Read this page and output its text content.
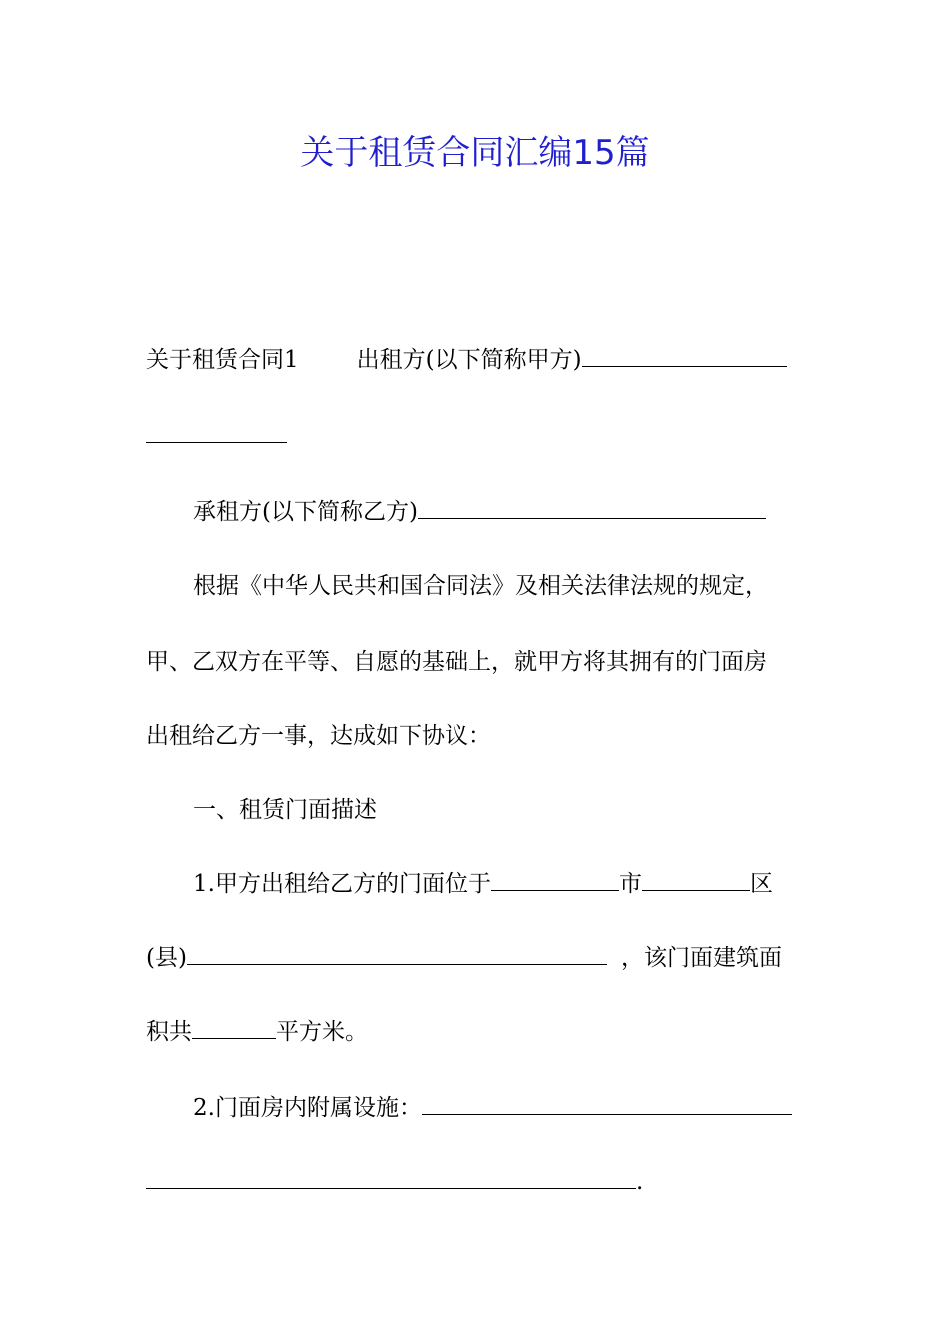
关于租赁合同汇编15篇
关于租赁合同1	出租方(以下简称甲方)
承租方(以下简称乙方)
根据《中华人民共和国合同法》及相关法律法规的规定，
甲、乙双方在平等、自愿的基础上，就甲方将其拥有的门面房
出租给乙方一事，达成如下协议：
一、租赁门面描述
1.甲方出租给乙方的门面位于	市	区
(县)	，该门面建筑面
积共	平方米。
2.门面房内附属设施：
.
